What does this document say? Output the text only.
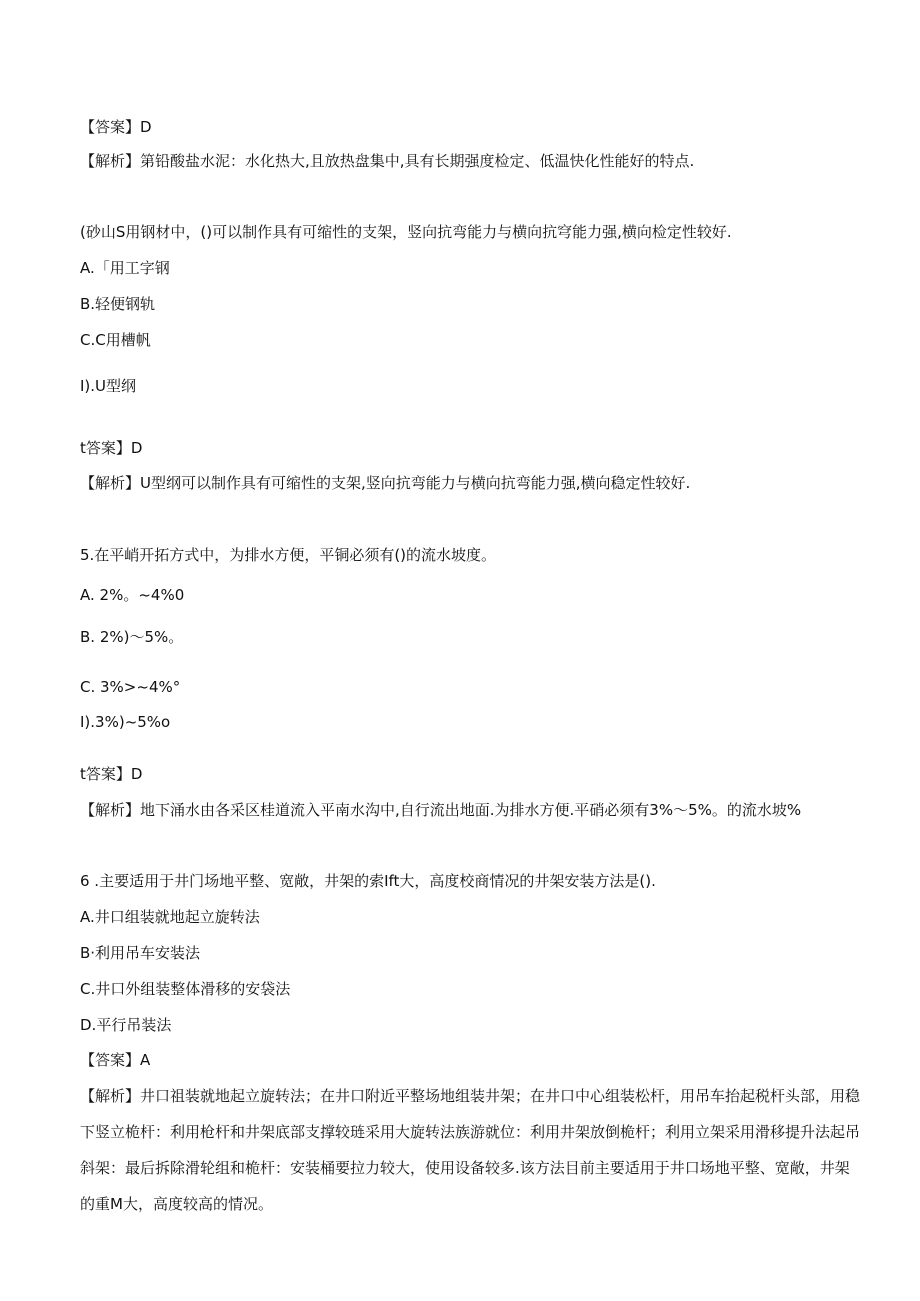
【答案】D
【解析】第铅酸盐水泥：水化热大,且放热盘集中,具有长期强度检定、低温快化性能好的特点.
(砂山S用钢材中，()可以制作具有可缩性的支架，竖向抗弯能力与横向抗穹能力强,横向检定性较好.
A.「用工字钢
B.轻便钢轨
C.C用槽帆
I).U型纲
t答案】D
【解析】U型纲可以制作具有可缩性的支架,竖向抗弯能力与横向抗弯能力强,横向稳定性较好.
5.在平峭开拓方式中，为排水方便，平铜必须有()的流水坡度。
A. 2%。~4%0
B. 2%)～5%。
C. 3%>~4%°
I).3%)~5%o
t答案】D
【解析】地下涌水由各采区桂道流入平南水沟中,自行流出地面.为排水方便.平硝必须有3%～5%。的流水坡%
6 .主要适用于井门场地平整、宽敞，井架的索Ift大，高度校商情况的井架安装方法是().
A.井口组装就地起立旋转法
B·利用吊车安装法
C.井口外组装整体滑移的安袋法
D.平行吊装法
【答案】A
【解析】井口祖装就地起立旋转法；在井口附近平整场地组装井架；在井口中心组装松杆，用吊车抬起税杆头部，用稳下竖立桅杆：利用枪杆和井架底部支撑较琏采用大旋转法族游就位：利用井架放倒桅杆；利用立架采用滑移提升法起吊斜架：最后拆除滑轮组和桅杆：安装桶要拉力较大，使用设备较多.该方法目前主要适用于井口场地平整、宽敞，井架的重M大，高度较高的情况。
